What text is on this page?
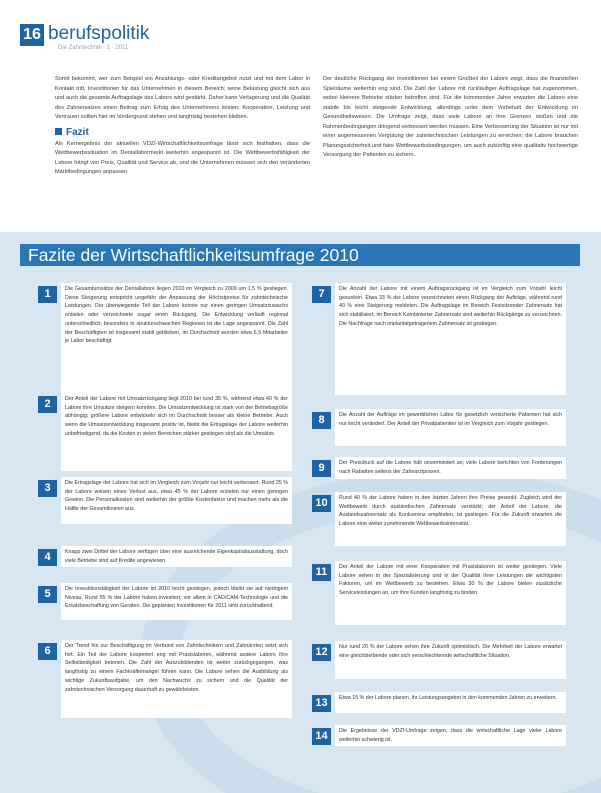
16 berufspolitik
Die Zahntechnik · 1 · 2011

Somit bekommt, wer zum Beispiel ein Anzahlungs- oder Kreditangebot nutzt und mit dem Labor in Kontakt tritt, Investitionen für das Unternehmen in diesem Bereich; seine Belastung gleicht sich aus und auch die gesamte Auftragslage des Labors wird gestärkt. Daher kann Verlagerung und die Qualität des Zahnersatzes einen Beitrag zum Erfolg des Unternehmens leisten; Kooperation, Leistung und Vertrauen sollten hier im Vordergrund stehen und langfristig bestehen bleiben.

Fazit

Als Kernergebnis der aktuellen VDZI-Wirtschaftlichkeitsumfrage lässt sich festhalten, dass die Wettbewerbssituation im Dentallabormarkt weiterhin angespannt ist. Die Wettbewerbsfähigkeit der Labore hängt von Preis, Qualität und Service ab, und die Unternehmen müssen sich den veränderten Marktbedingungen anpassen.

Der deutliche Rückgang der Investitionen bei einem Großteil der Labore zeigt, dass die finanziellen Spielräume weiterhin eng sind. Die Zahl der Labore mit rückläufiger Auftragslage hat zugenommen, wobei kleinere Betriebe stärker betroffen sind. Für die kommenden Jahre erwarten die Labore eine stabile bis leicht steigende Entwicklung, allerdings unter dem Vorbehalt der Entwicklung im Gesundheitswesen. Die Umfrage zeigt, dass viele Labore an ihre Grenzen stoßen und die Rahmenbedingungen dringend verbessert werden müssen. Eine Verbesserung der Situation ist nur mit einer angemessenen Vergütung der zahntechnischen Leistungen zu erreichen; die Labore brauchen Planungssicherheit und faire Wettbewerbsbedingungen, um auch zukünftig eine qualitativ hochwertige Versorgung der Patienten zu sichern.

Fazite der Wirtschaftlichkeitsumfrage 2010
1	Die Gesamtumsätze der Dentallabore liegen 2010 im Vergleich zu 2009 um 1,5 % gestiegen. Diese Steigerung entspricht ungefähr der Anpassung der Höchstpreise für zahntechnische Leistungen. Der überwiegende Teil der Labore konnte nur einen geringen Umsatzzuwachs erzielen oder verzeichnete sogar einen Rückgang. Die Entwicklung verläuft regional unterschiedlich; besonders in strukturschwachen Regionen ist die Lage angespannt. Die Zahl der Beschäftigten ist insgesamt stabil geblieben, im Durchschnitt wurden etwa 6,5 Mitarbeiter je Labor beschäftigt.
2	Der Anteil der Labore mit Umsatzrückgang liegt 2010 bei rund 35 %, während etwa 40 % der Labore ihre Umsätze steigern konnten. Die Umsatzentwicklung ist stark von der Betriebsgröße abhängig; größere Labore entwickeln sich im Durchschnitt besser als kleine Betriebe. Auch wenn die Umsatzentwicklung insgesamt positiv ist, bleibt die Ertragslage der Labore weiterhin unbefriedigend, da die Kosten in vielen Bereichen stärker gestiegen sind als die Umsätze.
3	Die Ertragslage der Labore hat sich im Vergleich zum Vorjahr nur leicht verbessert. Rund 25 % der Labore weisen einen Verlust aus, etwa 45 % der Labore erzielen nur einen geringen Gewinn. Die Personalkosten sind weiterhin der größte Kostenfaktor und machen mehr als die Hälfte der Gesamtkosten aus.
4	Knapp zwei Drittel der Labore verfügen über eine ausreichende Eigenkapitalausstattung, doch viele Betriebe sind auf Kredite angewiesen.
5	Die Investitionstätigkeit der Labore ist 2010 leicht gestiegen, jedoch bleibt sie auf niedrigem Niveau. Rund 55 % der Labore haben investiert, vor allem in CAD/CAM-Technologie und die Ersatzbeschaffung von Geräten. Die geplanten Investitionen für 2011 sind zurückhaltend.
6	Der Trend hin zur Beschäftigung im Verbund von Zahntechnikern und Zahnärzten setzt sich fort. Ein Teil der Labore kooperiert eng mit Praxislaboren, während andere Labore ihre Selbständigkeit betonen. Die Zahl der Auszubildenden ist weiter zurückgegangen, was langfristig zu einem Fachkräftemangel führen kann. Die Labore sehen die Ausbildung als wichtige Zukunftsaufgabe, um den Nachwuchs zu sichern und die Qualität der zahntechnischen Versorgung dauerhaft zu gewährleisten.
7	Die Anzahl der Labore mit einem Auftragsrückgang ist im Vergleich zum Vorjahr leicht gesunken. Etwa 33 % der Labore verzeichneten einen Rückgang der Aufträge, während rund 40 % eine Steigerung meldeten. Die Auftragslage im Bereich Festsitzender Zahnersatz hat sich stabilisiert, im Bereich Kombinierter Zahnersatz sind weiterhin Rückgänge zu verzeichnen. Die Nachfrage nach implantatgetragenem Zahnersatz ist gestiegen.
8	Die Anzahl der Aufträge im gewerblichen Labor für gesetzlich versicherte Patienten hat sich nur leicht verändert. Der Anteil der Privatpatienten ist im Vergleich zum Vorjahr gestiegen.
9	Der Preisdruck auf die Labore hält unvermindert an; viele Labore berichten von Forderungen nach Rabatten seitens der Zahnarztpraxen.
10	Rund 40 % der Labore haben in den letzten Jahren ihre Preise gesenkt. Zugleich wird der Wettbewerb durch ausländischen Zahnersatz verstärkt; der Anteil der Labore, die Auslandszahnersatz als Konkurrenz empfinden, ist gestiegen. Für die Zukunft erwarten die Labore eine weiter zunehmende Wettbewerbsintensität.
11	Der Anteil der Labore mit einer Kooperation mit Praxislaboren ist weiter gestiegen. Viele Labore sehen in der Spezialisierung und in der Qualität ihrer Leistungen die wichtigsten Faktoren, um im Wettbewerb zu bestehen. Etwa 30 % der Labore bieten zusätzliche Serviceleistungen an, um ihre Kunden langfristig zu binden.
12	Nur rund 20 % der Labore sehen ihre Zukunft optimistisch. Die Mehrheit der Labore erwartet eine gleichbleibende oder sich verschlechternde wirtschaftliche Situation.
13	Etwa 15 % der Labore planen, ihr Leistungsangebot in den kommenden Jahren zu erweitern.
14	Die Ergebnisse der VDZI-Umfrage zeigen, dass die wirtschaftliche Lage vieler Labore weiterhin schwierig ist.
